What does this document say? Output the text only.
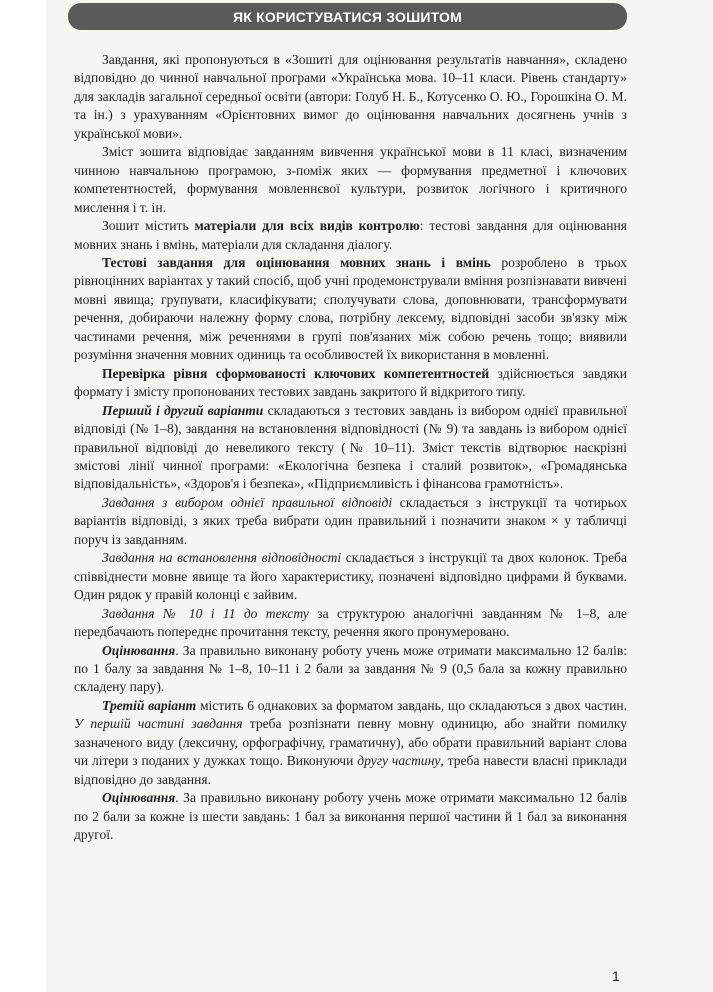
ЯК КОРИСТУВАТИСЯ ЗОШИТОМ

Завдання, які пропонуються в «Зошиті для оцінювання результатів навчання», складено відповідно до чинної навчальної програми «Українська мова. 10–11 класи. Рівень стандарту» для закладів загальної середньої освіти (автори: Голуб Н. Б., Котусенко О. Ю., Горошкіна О. М. та ін.) з урахуванням «Орієнтовних вимог до оцінювання навчальних досягнень учнів з української мови».

Зміст зошита відповідає завданням вивчення української мови в 11 класі, визначеним чинною навчальною програмою, з-поміж яких — формування предметної і ключових компетентностей, формування мовленнєвої культури, розвиток логічного і критичного мислення і т. ін.

Зошит містить матеріали для всіх видів контролю: тестові завдання для оцінювання мовних знань і вмінь, матеріали для складання діалогу.

Тестові завдання для оцінювання мовних знань і вмінь розроблено в трьох рівноцінних варіантах у такий спосіб, щоб учні продемонстрували вміння розпізнавати вивчені мовні явища; групувати, класифікувати; сполучувати слова, доповнювати, трансформувати речення, добираючи належну форму слова, потрібну лексему, відповідні засоби зв'язку між частинами речення, між реченнями в групі пов'язаних між собою речень тощо; виявили розуміння значення мовних одиниць та особливостей їх використання в мовленні.

Перевірка рівня сформованості ключових компетентностей здійснюється завдяки формату і змісту пропонованих тестових завдань закритого й відкритого типу.

Перший і другий варіанти складаються з тестових завдань із вибором однієї правильної відповіді (№ 1–8), завдання на встановлення відповідності (№ 9) та завдань із вибором однієї правильної відповіді до невеликого тексту (№ 10–11). Зміст текстів відтворює наскрізні змістові лінії чинної програми: «Екологічна безпека і сталий розвиток», «Громадянська відповідальність», «Здоров'я і безпека», «Підприємливість і фінансова грамотність».

Завдання з вибором однієї правильної відповіді складається з інструкції та чотирьох варіантів відповіді, з яких треба вибрати один правильний і позначити знаком × у табличці поруч із завданням.

Завдання на встановлення відповідності складається з інструкції та двох колонок. Треба співвіднести мовне явище та його характеристику, позначені відповідно цифрами й буквами. Один рядок у правій колонці є зайвим.

Завдання № 10 і 11 до тексту за структурою аналогічні завданням № 1–8, але передбачають попереднє прочитання тексту, речення якого пронумеровано.

Оцінювання. За правильно виконану роботу учень може отримати максимально 12 балів: по 1 балу за завдання № 1–8, 10–11 і 2 бали за завдання № 9 (0,5 бала за кожну правильно складену пару).

Третій варіант містить 6 однакових за форматом завдань, що складаються з двох частин. У першій частині завдання треба розпізнати певну мовну одиницю, або знайти помилку зазначеного виду (лексичну, орфографічну, граматичну), або обрати правильний варіант слова чи літери з поданих у дужках тощо. Виконуючи другу частину, треба навести власні приклади відповідно до завдання.

Оцінювання. За правильно виконану роботу учень може отримати максимально 12 балів по 2 бали за кожне із шести завдань: 1 бал за виконання першої частини й 1 бал за виконання другої.

1
